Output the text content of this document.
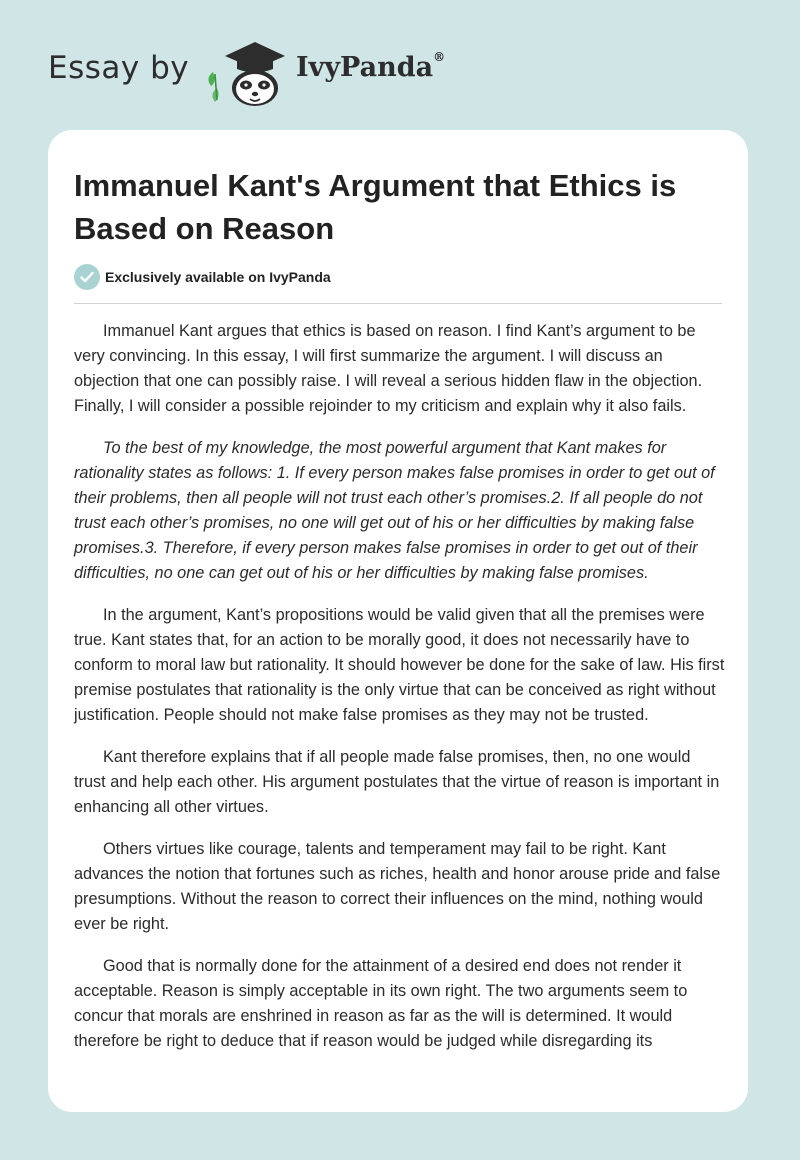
Essay by	IvyPanda®
Immanuel Kant's Argument that Ethics is Based on Reason
Exclusively available on IvyPanda

Immanuel Kant argues that ethics is based on reason. I find Kant’s argument to be very convincing. In this essay, I will first summarize the argument. I will discuss an objection that one can possibly raise. I will reveal a serious hidden flaw in the objection. Finally, I will consider a possible rejoinder to my criticism and explain why it also fails.

To the best of my knowledge, the most powerful argument that Kant makes for rationality states as follows: 1. If every person makes false promises in order to get out of their problems, then all people will not trust each other’s promises.2. If all people do not trust each other’s promises, no one will get out of his or her difficulties by making false promises.3. Therefore, if every person makes false promises in order to get out of their difficulties, no one can get out of his or her difficulties by making false promises.

In the argument, Kant’s propositions would be valid given that all the premises were true. Kant states that, for an action to be morally good, it does not necessarily have to conform to moral law but rationality. It should however be done for the sake of law. His first premise postulates that rationality is the only virtue that can be conceived as right without justification. People should not make false promises as they may not be trusted.

Kant therefore explains that if all people made false promises, then, no one would trust and help each other. His argument postulates that the virtue of reason is important in enhancing all other virtues.

Others virtues like courage, talents and temperament may fail to be right. Kant advances the notion that fortunes such as riches, health and honor arouse pride and false presumptions. Without the reason to correct their influences on the mind, nothing would ever be right.

Good that is normally done for the attainment of a desired end does not render it acceptable. Reason is simply acceptable in its own right. The two arguments seem to concur that morals are enshrined in reason as far as the will is determined. It would therefore be right to deduce that if reason would be judged while disregarding its
